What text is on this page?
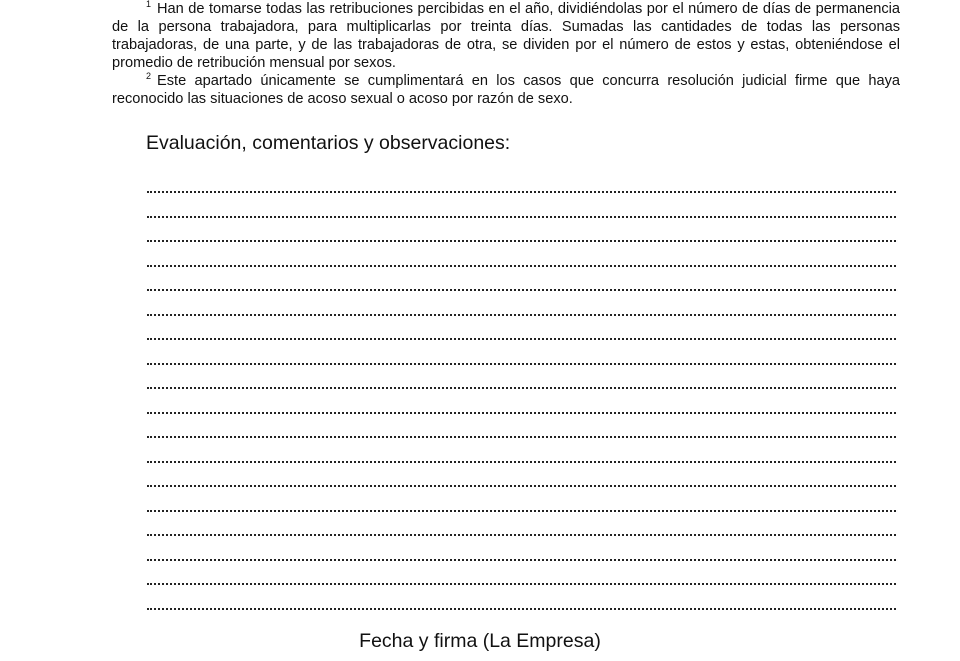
$^1$ Han de tomarse todas las retribuciones percibidas en el año, dividiéndolas por el número de días de permanencia de la persona trabajadora, para multiplicarlas por treinta días. Sumadas las cantidades de todas las personas trabajadoras, de una parte, y de las trabajadoras de otra, se dividen por el número de estos y estas, obteniéndose el promedio de retribución mensual por sexos.

$^2$ Este apartado únicamente se cumplimentará en los casos que concurra resolución judicial firme que haya reconocido las situaciones de acoso sexual o acoso por razón de sexo.

Evaluación, comentarios y observaciones:

Fecha y firma (La Empresa)
